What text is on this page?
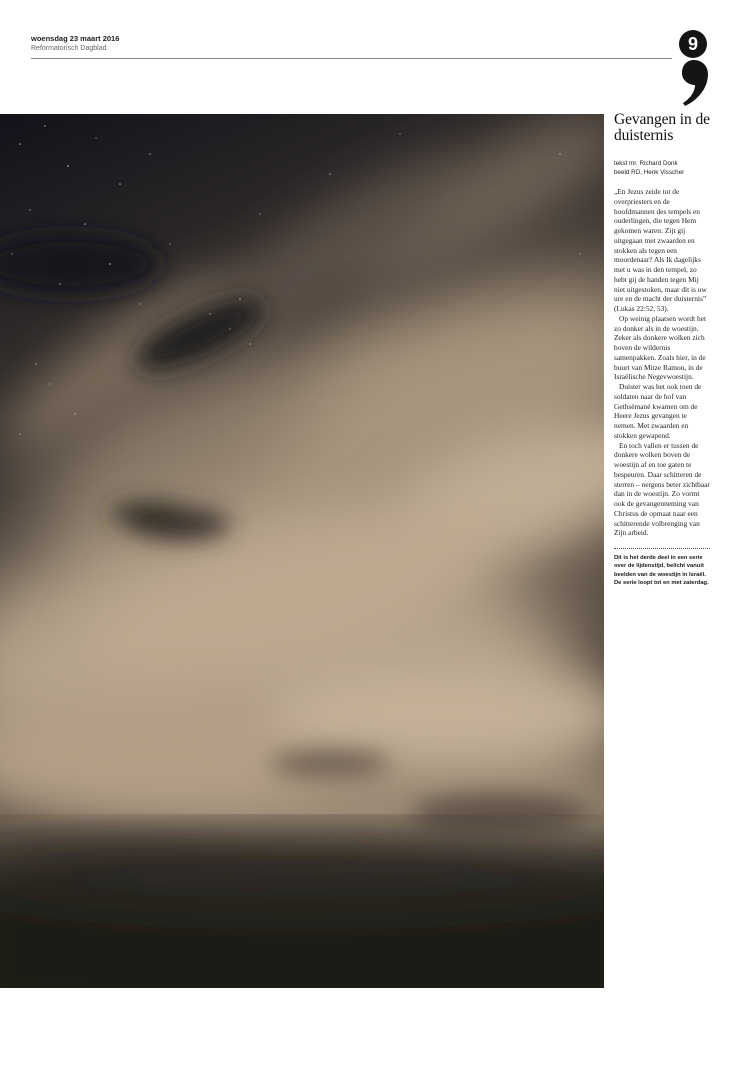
woensdag 23 maart 2016
Reformatorisch Dagblad	9
Gevangen in de duisternis
tekst mr. Richard Donk
beeld RD, Henk Visscher

„En Jezus zeide tot de overpriesters en de hoofdmannen des tempels en ouderlingen, die tegen Hem gekomen waren: Zijt gij uitgegaan met zwaarden en stokken als tegen een moordenaar? Als Ik dagelijks met u was in den tempel, zo hebt gij de handen tegen Mij niet uitgestoken, maar dit is uw ure en de macht der duisternis” (Lukas 22:52, 53).

Op weinig plaatsen wordt het zo donker als in de woestijn. Zeker als donkere wolken zich boven de wildernis samenpakken. Zoals hier, in de buurt van Mitze Ramon, in de Israëlische Negevwoestijn.

Duister was het ook toen de soldaten naar de hof van Gethsémané kwamen om de Heere Jezus gevangen te nemen. Met zwaarden en stokken gewapend.

En toch vallen er tussen de donkere wolken boven de woestijn af en toe gaten te bespeuren. Daar schitteren de sterren – nergens beter zichtbaar dan in de woestijn. Zo vormt ook de gevangenneming van Christus de opmaat naar een schitterende volbrenging van Zijn arbeid.

Dit is het derde deel in een serie over de lijdenstijd, belicht vanuit beelden van de woestijn in Israël. De serie loopt tot en met zaterdag.
